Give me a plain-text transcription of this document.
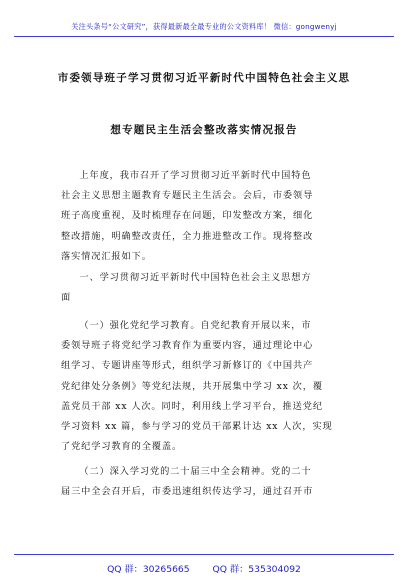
关注头条号“公文研究”，获得最新最全最专业的公文资料库！ 微信：gongwenyj
市委领导班子学习贯彻习近平新时代中国特色社会主义思
想专题民主生活会整改落实情况报告
上年度，我市召开了学习贯彻习近平新时代中国特色
社会主义思想主题教育专题民主生活会。会后，市委领导
班子高度重视，及时梳理存在问题，印发整改方案，细化
整改措施，明确整改责任，全力推进整改工作。现将整改
落实情况汇报如下。
一、学习贯彻习近平新时代中国特色社会主义思想方
面
（一）强化党纪学习教育。自党纪教育开展以来，市
委领导班子将党纪学习教育作为重要内容，通过理论中心
组学习、专题讲座等形式，组织学习新修订的《中国共产
党纪律处分条例》等党纪法规，共开展集中学习 xx 次，覆
盖党员干部 xx 人次。同时，利用线上学习平台，推送党纪
学习资料 xx 篇，参与学习的党员干部累计达 xx 人次，实现
了党纪学习教育的全覆盖。
（二）深入学习党的二十届三中全会精神。党的二十
届三中全会召开后，市委迅速组织传达学习，通过召开市
QQ 群：30265665 QQ 群：535304092
